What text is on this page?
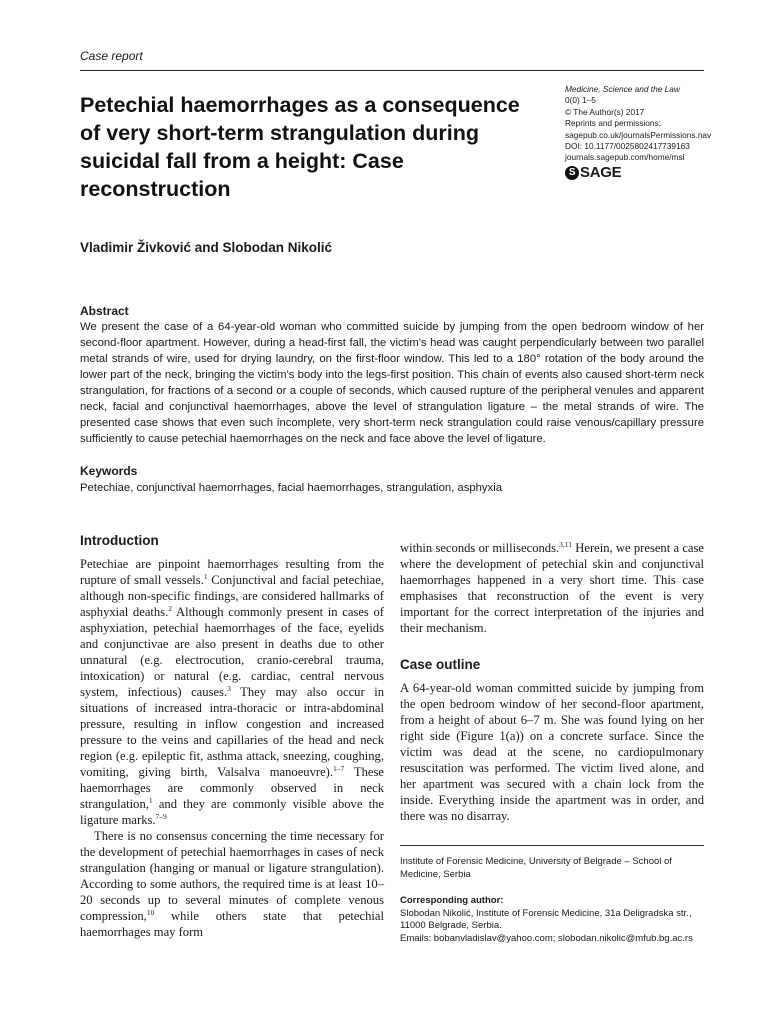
Case report
Petechial haemorrhages as a consequence of very short-term strangulation during suicidal fall from a height: Case reconstruction
Medicine, Science and the Law
0(0) 1–5
© The Author(s) 2017
Reprints and permissions:
sagepub.co.uk/journalsPermissions.nav
DOI: 10.1177/0025802417739163
journals.sagepub.com/home/msl
S SAGE
Vladimir Živković and Slobodan Nikolić
Abstract

We present the case of a 64-year-old woman who committed suicide by jumping from the open bedroom window of her second-floor apartment. However, during a head-first fall, the victim's head was caught perpendicularly between two parallel metal strands of wire, used for drying laundry, on the first-floor window. This led to a 180° rotation of the body around the lower part of the neck, bringing the victim's body into the legs-first position. This chain of events also caused short-term neck strangulation, for fractions of a second or a couple of seconds, which caused rupture of the peripheral venules and apparent neck, facial and conjunctival haemorrhages, above the level of strangulation ligature – the metal strands of wire. The presented case shows that even such incomplete, very short-term neck strangulation could raise venous/capillary pressure sufficiently to cause petechial haemorrhages on the neck and face above the level of ligature.

Keywords
Petechiae, conjunctival haemorrhages, facial haemorrhages, strangulation, asphyxia
Introduction

Petechiae are pinpoint haemorrhages resulting from the rupture of small vessels.$^1$ Conjunctival and facial petechiae, although non-specific findings, are considered hallmarks of asphyxial deaths.$^2$ Although commonly present in cases of asphyxiation, petechial haemorrhages of the face, eyelids and conjunctivae are also present in deaths due to other unnatural (e.g. electrocution, cranio-cerebral trauma, intoxication) or natural (e.g. cardiac, central nervous system, infectious) causes.$^3$ They may also occur in situations of increased intra-thoracic or intra-abdominal pressure, resulting in inflow congestion and increased pressure to the veins and capillaries of the head and neck region (e.g. epileptic fit, asthma attack, sneezing, coughing, vomiting, giving birth, Valsalva manoeuvre).$^{1-7}$ These haemorrhages are commonly observed in neck strangulation,$^1$ and they are commonly visible above the ligature marks.$^{7-9}$

There is no consensus concerning the time necessary for the development of petechial haemorrhages in cases of neck strangulation (hanging or manual or ligature strangulation). According to some authors, the required time is at least 10–20 seconds up to several minutes of complete venous compression,$^{10}$ while others state that petechial haemorrhages may form

within seconds or milliseconds.$^{3,11}$ Herein, we present a case where the development of petechial skin and conjunctival haemorrhages happened in a very short time. This case emphasises that reconstruction of the event is very important for the correct interpretation of the injuries and their mechanism.

Case outline

A 64-year-old woman committed suicide by jumping from the open bedroom window of her second-floor apartment, from a height of about 6–7 m. She was found lying on her right side (Figure 1(a)) on a concrete surface. Since the victim was dead at the scene, no cardiopulmonary resuscitation was performed. The victim lived alone, and her apartment was secured with a chain lock from the inside. Everything inside the apartment was in order, and there was no disarray.

Institute of Forensic Medicine, University of Belgrade – School of Medicine, Serbia
Corresponding author:
Slobodan Nikolić, Institute of Forensic Medicine, 31a Deligradska str., 11000 Belgrade, Serbia.
Emails: bobanvladislav@yahoo.com; slobodan.nikolic@mfub.bg.ac.rs
